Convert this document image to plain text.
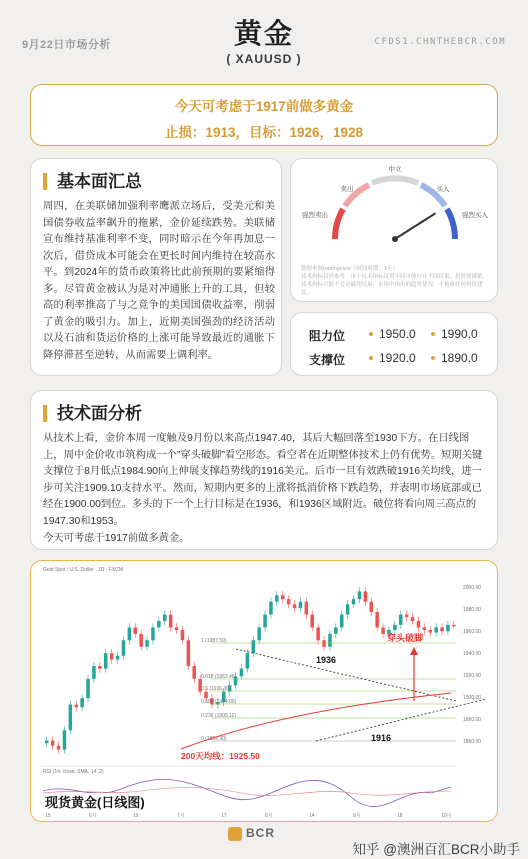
9月22日市场分析	黄金
( XAUUSD )
CFDS1.CHNTHEBCR.COM
今天可考虑于1917前做多黄金
止损：1913，目标：1926，1928
基本面汇总

周四，在美联储加强利率鹰派立场后，受美元和美国债券收益率飙升的拖累，金价延续跌势。美联储宣布维持基准利率不变，同时暗示在今年再加息一次后，借贷成本可能会在更长时间内维持在较高水平。到2024年的货币政策将比此前预期的要紧缩得多。尽管黄金被认为是对冲通胀上升的工具，但较高的利率推高了与之竞争的美国国债收益率，削弱了黄金的吸引力。加上，近期美国强劲的经济活动以及石油和货运价格的上涨可能导致最近的通胀下降停滞甚至逆转，从而需要上调利率。

中立
卖出	买入
强烈卖出	强烈买入
数据来源tradingview（时间周期：1天）
技术指标仅供参考，由于技术指标设置不同可能存在不同结果，投资需谨慎，技术指标可能不会是最终结果，市场中指出的趋势情况，不构成任何投资建议。
阻力位	1950.0 1990.0
支撑位	1920.0 1890.0
技术面分析

从技术上看，金价本周一度触及9月份以来高点1947.40，其后大幅回落至1930下方。在日线图上，周中金价收市筑构成一个”穿头破脚”看空形态。看空者在近期整体技术上仍有优势。短期关键支撑位于8月低点1984.90向上伸展支撑趋势线的1916美元。后市一旦有效跌破1916关均线，进一步可关注1909.10支持水平。然而，短期内更多的上涨将抵消价格下跌趋势，并表明市场底部或已经在1900.00到位。多头的下一个上行目标是在1936，和1936区域附近。破位将看向周三高点的1947.30和1953。
今天可考虑于1917前做多黄金。

Gold Spot / U.S. Dollar · 1D · FXCM
1 (1987.50)
0.618 (1953.46)
0.5 (1936.30)
0.382 (1924.06)
0.236 (1909.11)
0 (1884.90)
2000.00
1980.00
1960.00
1940.00
1920.00
1900.00
1880.00
1860.00
15	6月	19	7月	17	8月	14	9月	18	10月
1936
1916
穿头破脚
200天均线：1925.50
RSI (14, close, SMA, 14, 2)
现货黄金(日线图)
BCR
知乎 @澳洲百汇BCR小助手
